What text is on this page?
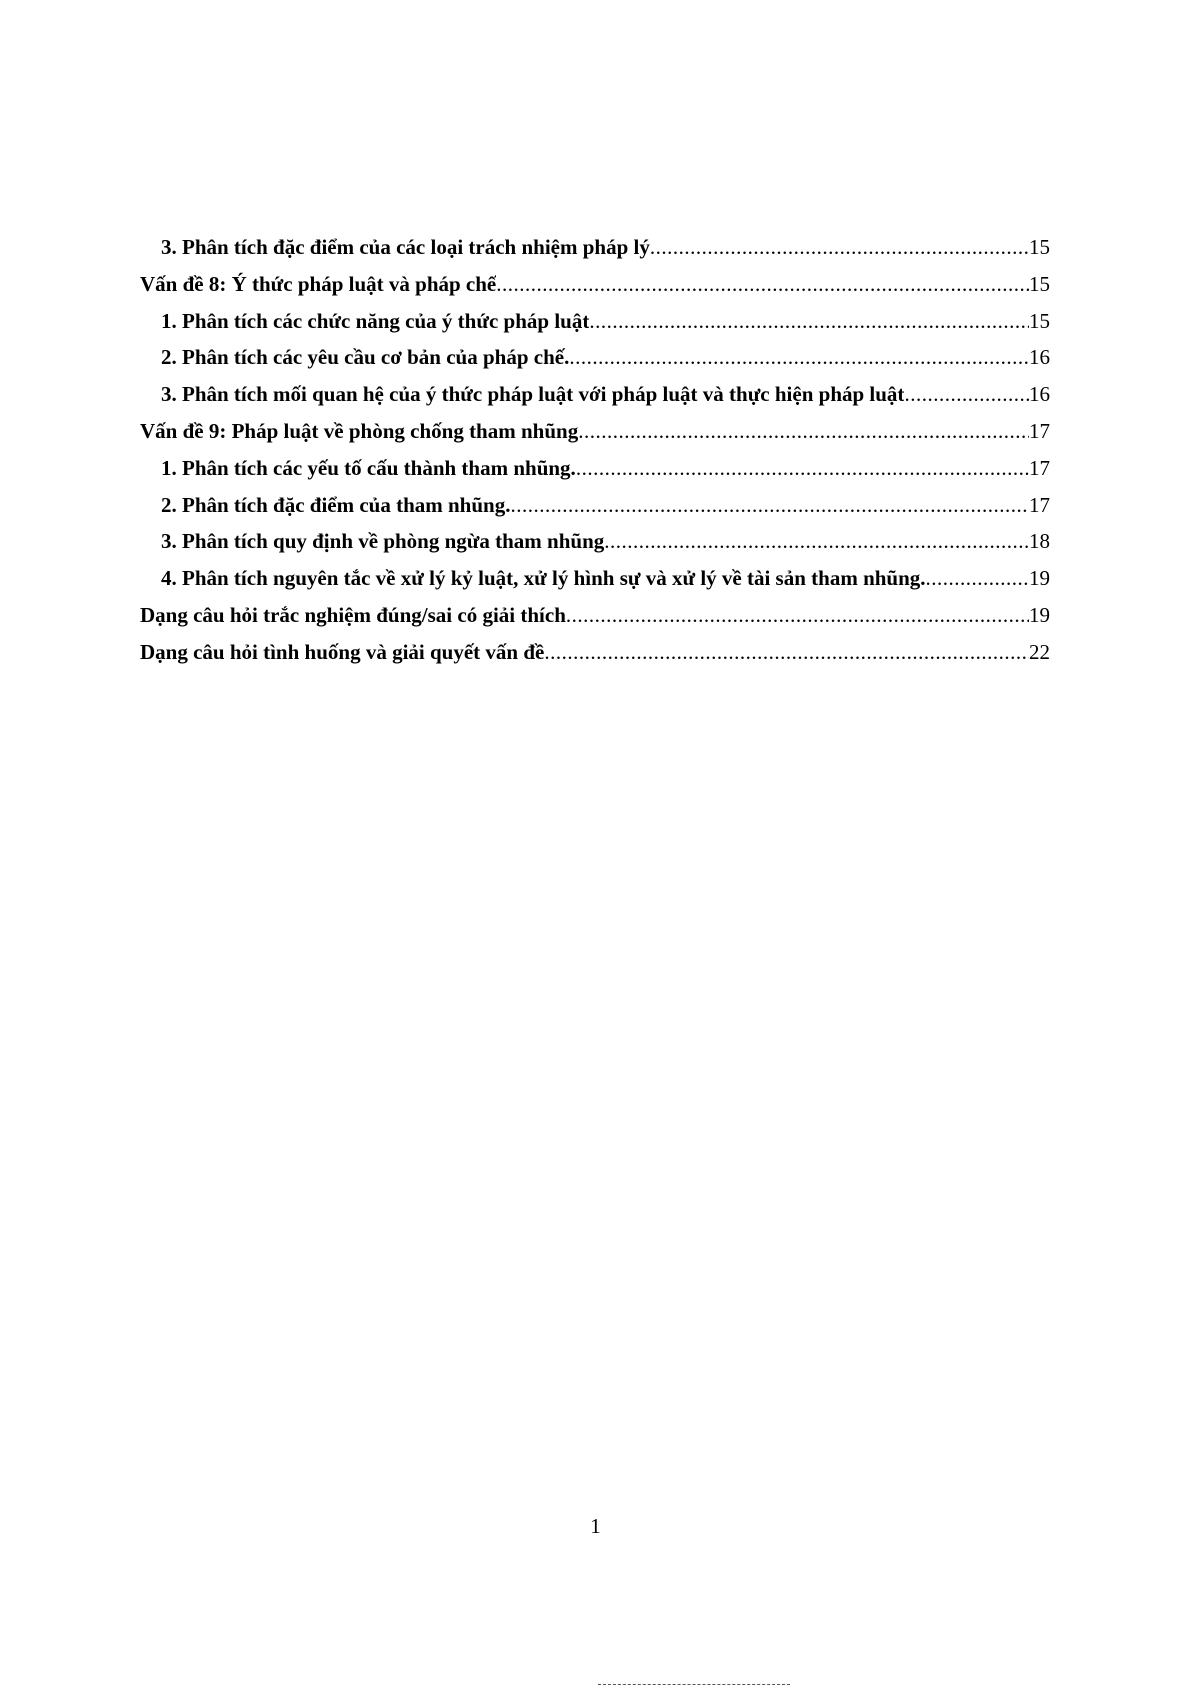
3. Phân tích đặc điểm của các loại trách nhiệm pháp lý .....	15
Vấn đề 8: Ý thức pháp luật và pháp chế .....	15
1. Phân tích các chức năng của ý thức pháp luật .....	15
2. Phân tích các yêu cầu cơ bản của pháp chế. .....	16
3. Phân tích mối quan hệ của ý thức pháp luật với pháp luật và thực hiện pháp luật .....	16
Vấn đề 9: Pháp luật về phòng chống tham nhũng .....	17
1. Phân tích các yếu tố cấu thành tham nhũng. .....	17
2. Phân tích đặc điểm của tham nhũng. .....	17
3. Phân tích quy định về phòng ngừa tham nhũng .....	18
4. Phân tích nguyên tắc về xử lý kỷ luật, xử lý hình sự và xử lý về tài sản tham nhũng. .....	19
Dạng câu hỏi trắc nghiệm đúng/sai có giải thích .....	19
Dạng câu hỏi tình huống và giải quyết vấn đề .....	22
1
